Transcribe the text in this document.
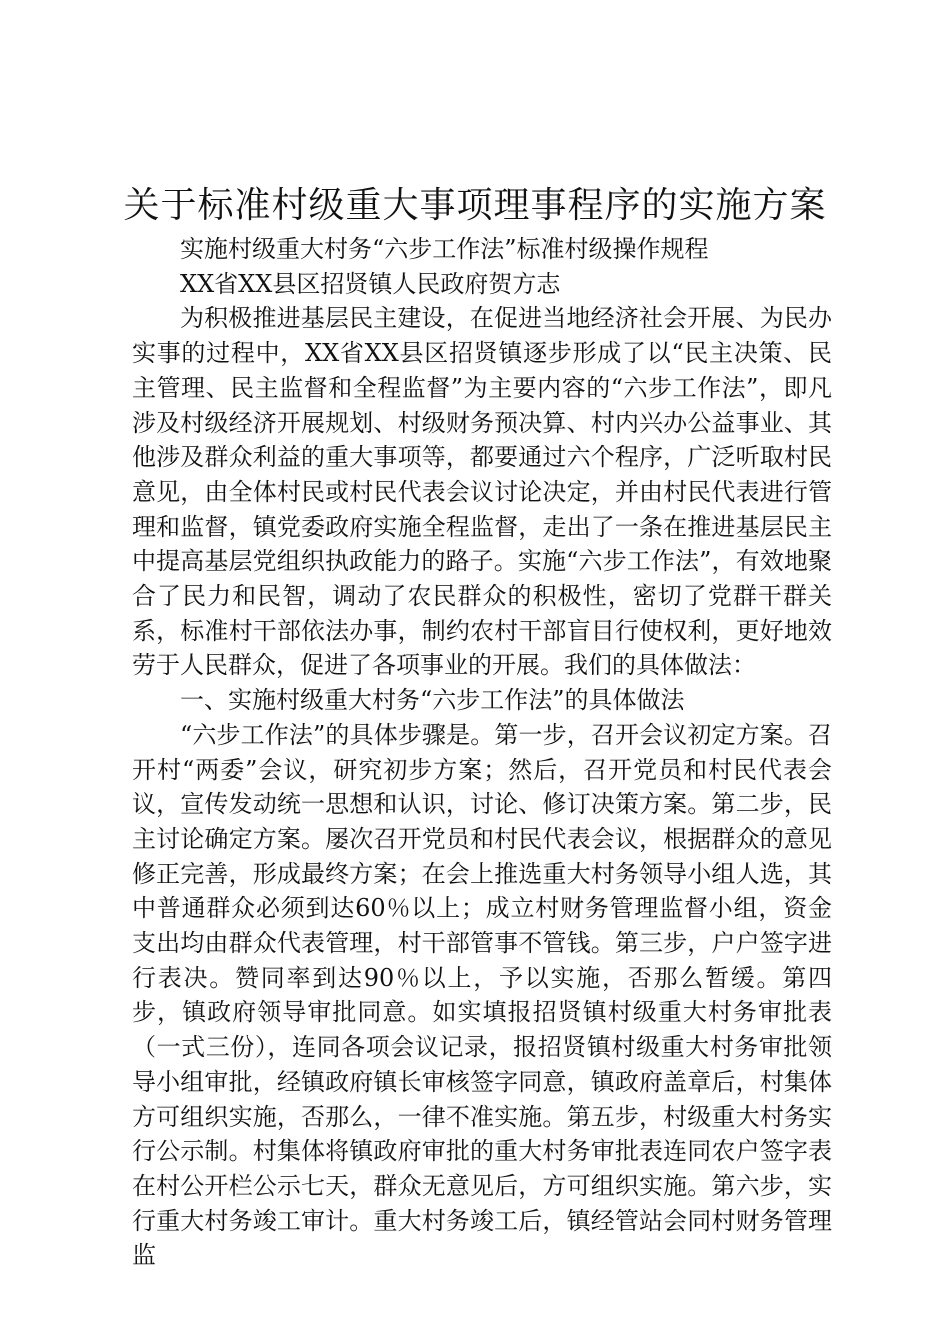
关于标准村级重大事项理事程序的实施方案

实施村级重大村务“六步工作法”标准村级操作规程

XX省XX县区招贤镇人民政府贺方志

为积极推进基层民主建设，在促进当地经济社会开展、为民办实事的过程中，XX省XX县区招贤镇逐步形成了以“民主决策、民主管理、民主监督和全程监督”为主要内容的“六步工作法”，即凡涉及村级经济开展规划、村级财务预决算、村内兴办公益事业、其他涉及群众利益的重大事项等，都要通过六个程序，广泛听取村民意见，由全体村民或村民代表会议讨论决定，并由村民代表进行管理和监督，镇党委政府实施全程监督，走出了一条在推进基层民主中提高基层党组织执政能力的路子。实施“六步工作法”，有效地聚合了民力和民智，调动了农民群众的积极性，密切了党群干群关系，标准村干部依法办事，制约农村干部盲目行使权利，更好地效劳于人民群众，促进了各项事业的开展。我们的具体做法：

一、实施村级重大村务“六步工作法”的具体做法

“六步工作法”的具体步骤是。第一步，召开会议初定方案。召开村“两委”会议，研究初步方案；然后，召开党员和村民代表会议，宣传发动统一思想和认识，讨论、修订决策方案。第二步，民主讨论确定方案。屡次召开党员和村民代表会议，根据群众的意见修正完善，形成最终方案；在会上推选重大村务领导小组人选，其中普通群众必须到达60％以上；成立村财务管理监督小组，资金支出均由群众代表管理，村干部管事不管钱。第三步，户户签字进行表决。赞同率到达90％以上，予以实施，否那么暂缓。第四步，镇政府领导审批同意。如实填报招贤镇村级重大村务审批表（一式三份），连同各项会议记录，报招贤镇村级重大村务审批领导小组审批，经镇政府镇长审核签字同意，镇政府盖章后，村集体方可组织实施，否那么，一律不准实施。第五步，村级重大村务实行公示制。村集体将镇政府审批的重大村务审批表连同农户签字表在村公开栏公示七天，群众无意见后，方可组织实施。第六步，实行重大村务竣工审计。重大村务竣工后，镇经管站会同村财务管理监
